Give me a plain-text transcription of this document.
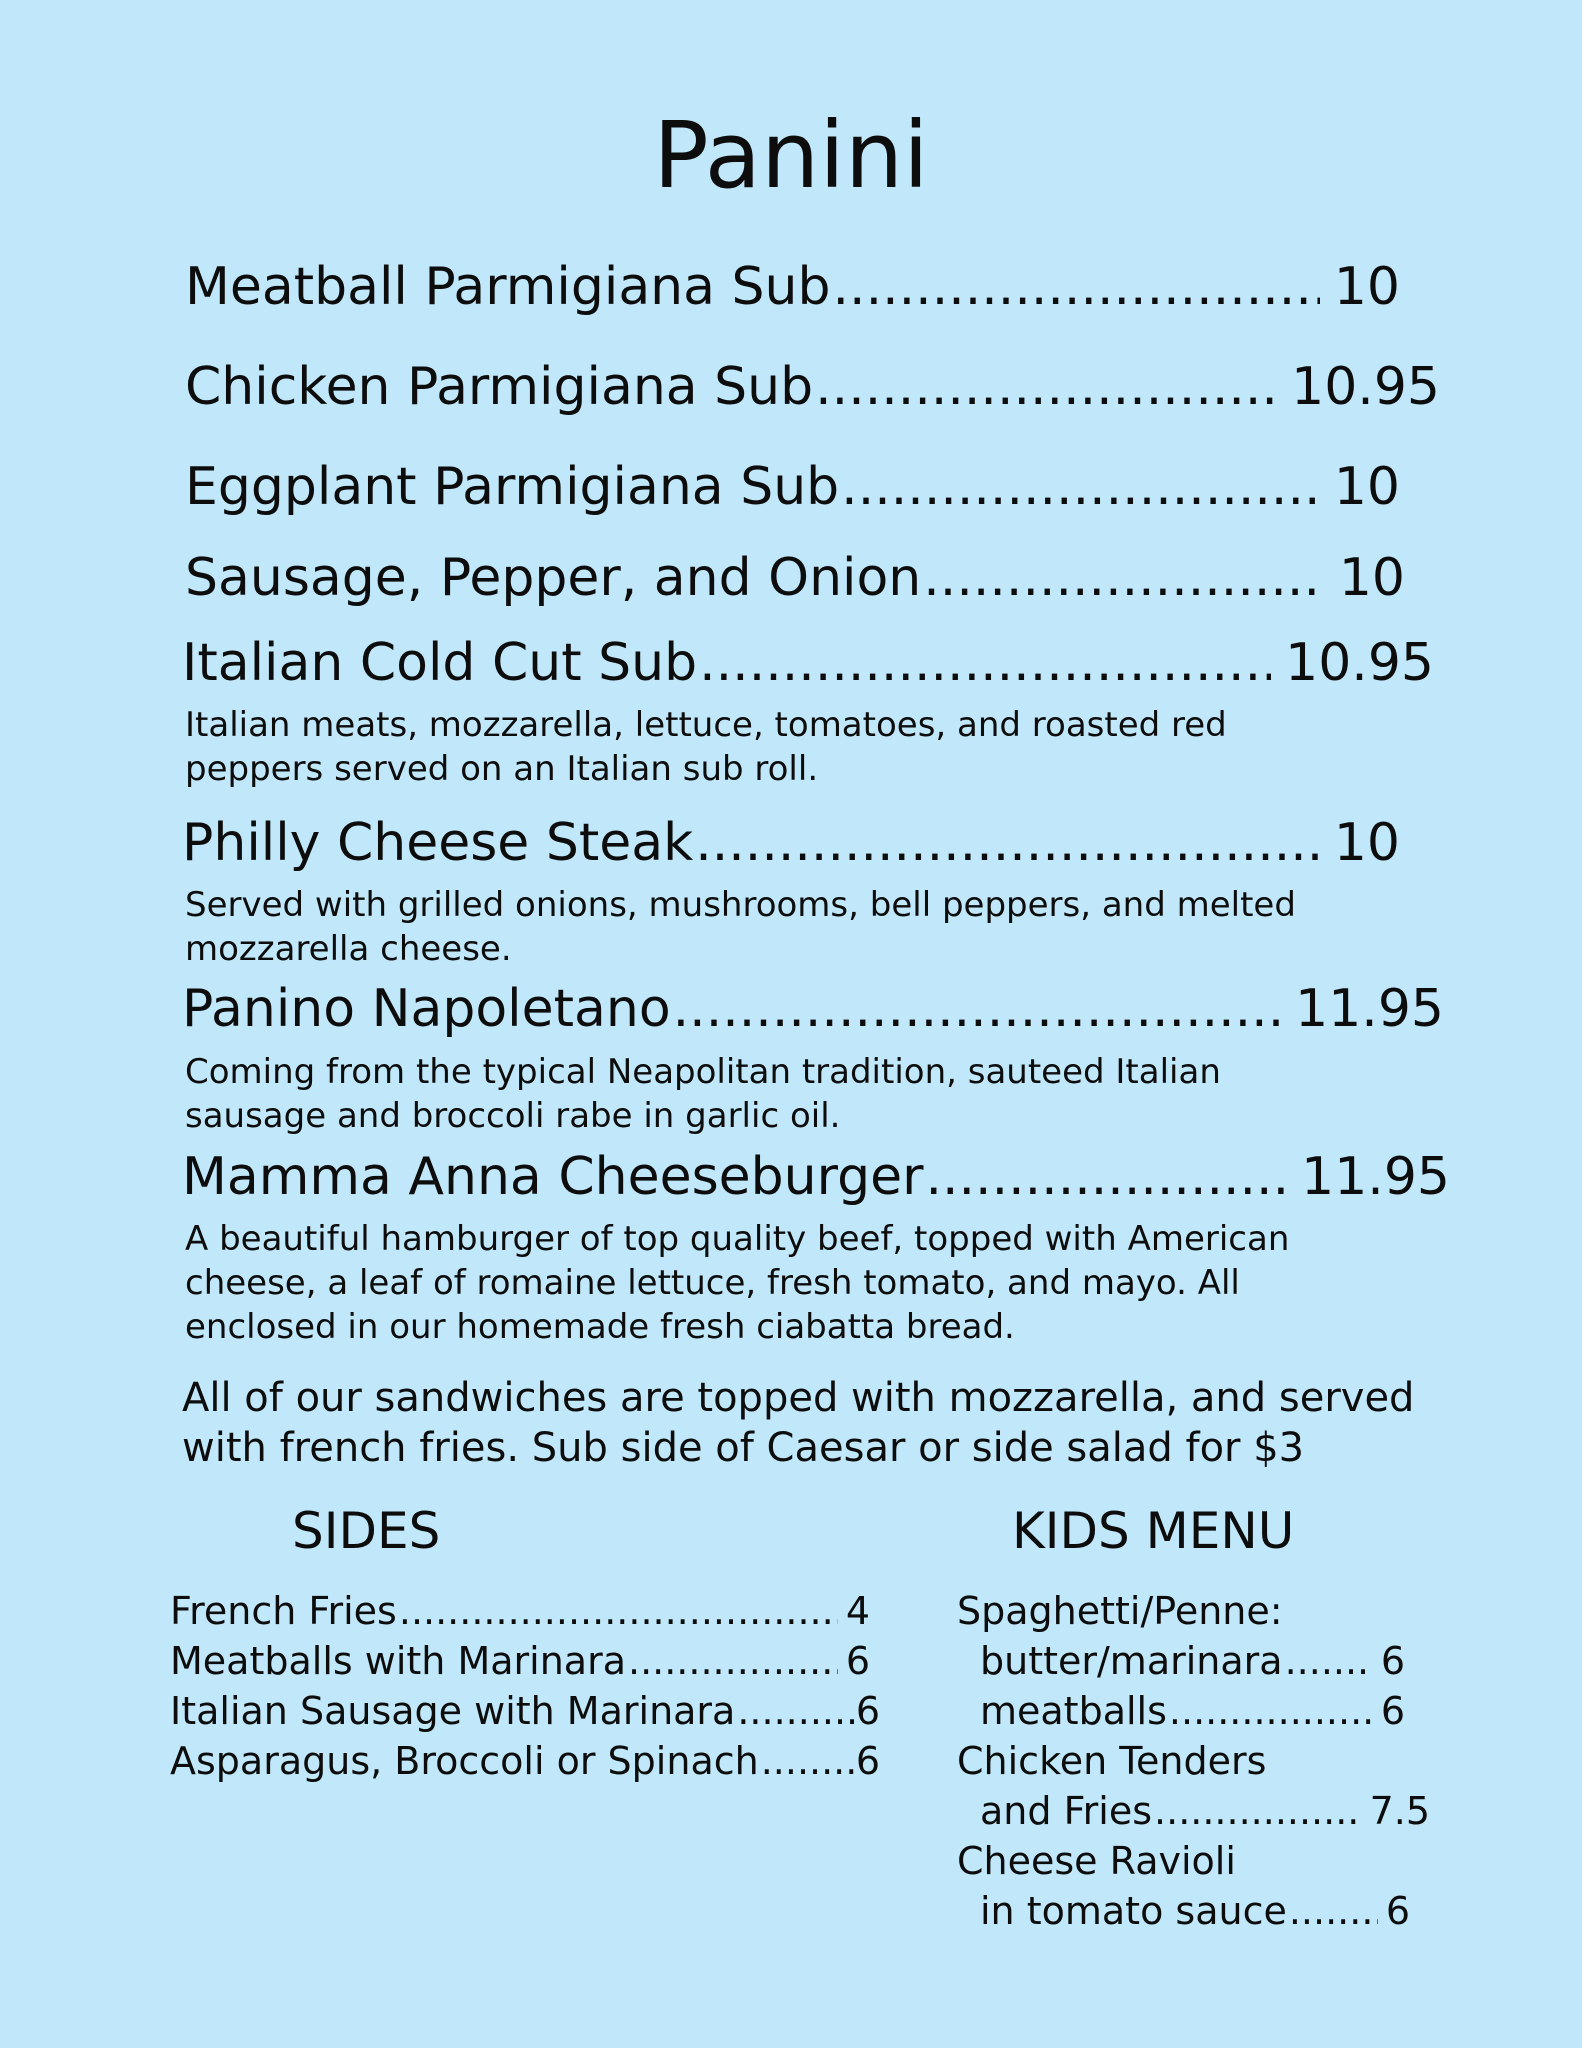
Panini
Meatball Parmigiana Sub .....	10
Chicken Parmigiana Sub .....	10.95
Eggplant Parmigiana Sub .....	10
Sausage, Pepper, and Onion .....	10
Italian Cold Cut Sub .....	10.95

Italian meats, mozzarella, lettuce, tomatoes, and roasted red
peppers served on an Italian sub roll.

Philly Cheese Steak .....	10

Served with grilled onions, mushrooms, bell peppers, and melted
mozzarella cheese.

Panino Napoletano .....	11.95

Coming from the typical Neapolitan tradition, sauteed Italian
sausage and broccoli rabe in garlic oil.

Mamma Anna Cheeseburger .....	11.95

A beautiful hamburger of top quality beef, topped with American
cheese, a leaf of romaine lettuce, fresh tomato, and mayo. All
enclosed in our homemade fresh ciabatta bread.

All of our sandwiches are topped with mozzarella, and served
with french fries. Sub side of Caesar or side salad for $3

SIDES
French Fries .....	4
Meatballs with Marinara .....	6
Italian Sausage with Marinara .....	6
Asparagus, Broccoli or Spinach .....	6
KIDS MENU

Spaghetti/Penne:

butter/marinara .....	6
meatballs .....	6

Chicken Tenders

and Fries .....	7.5

Cheese Ravioli

in tomato sauce .....	6
